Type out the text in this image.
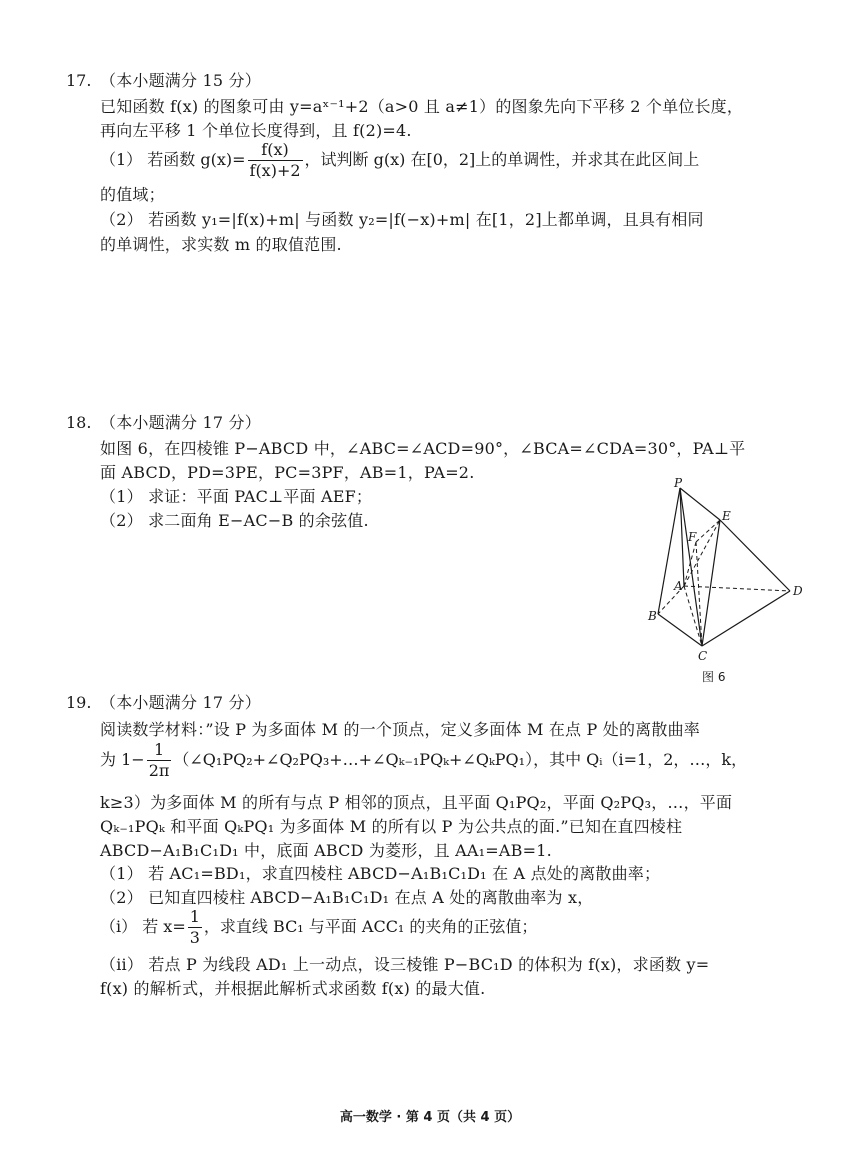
17. （本小题满分 15 分）
已知函数 f(x) 的图象可由 y=aˣ⁻¹+2（a>0 且 a≠1）的图象先向下平移 2 个单位长度，
再向左平移 1 个单位长度得到，且 f(2)=4.
（1） 若函数 $g(x)= \frac{f(x)}{f(x)+2}$ ，试判断 g(x) 在[0，2]上的单调性，并求其在此区间上
的值域；
（2） 若函数 y₁=|f(x)+m| 与函数 y₂=|f(−x)+m| 在[1，2]上都单调，且具有相同
的单调性，求实数 m 的取值范围.
18. （本小题满分 17 分）
如图 6，在四棱锥 P−ABCD 中，∠ABC=∠ACD=90°，∠BCA=∠CDA=30°，PA⊥平
面 ABCD，PD=3PE，PC=3PF，AB=1，PA=2.
（1） 求证：平面 PAC⊥平面 AEF；
（2） 求二面角 E−AC−B 的余弦值.
P
E
F
A
B
C
D
图 6
19. （本小题满分 17 分）
阅读数学材料：”设 P 为多面体 M 的一个顶点，定义多面体 M 在点 P 处的离散曲率
为 $1- \frac{1}{2\pi}$ （∠Q₁PQ₂+∠Q₂PQ₃+…+∠Qₖ₋₁PQₖ+∠QₖPQ₁），其中 Qᵢ（i=1，2，…，k，
k≥3）为多面体 M 的所有与点 P 相邻的顶点，且平面 Q₁PQ₂，平面 Q₂PQ₃，…，平面
Qₖ₋₁PQₖ 和平面 QₖPQ₁ 为多面体 M 的所有以 P 为公共点的面.”已知在直四棱柱
ABCD−A₁B₁C₁D₁ 中，底面 ABCD 为菱形，且 AA₁=AB=1.
（1） 若 AC₁=BD₁，求直四棱柱 ABCD−A₁B₁C₁D₁ 在 A 点处的离散曲率；
（2） 已知直四棱柱 ABCD−A₁B₁C₁D₁ 在点 A 处的离散曲率为 x，
（i） 若 $x= \frac{1}{3}$ ，求直线 BC₁ 与平面 ACC₁ 的夹角的正弦值；
（ii） 若点 P 为线段 AD₁ 上一动点，设三棱锥 P−BC₁D 的体积为 f(x)，求函数 y=
f(x) 的解析式，并根据此解析式求函数 f(x) 的最大值.
高一数学 · 第 4 页（共 4 页）
